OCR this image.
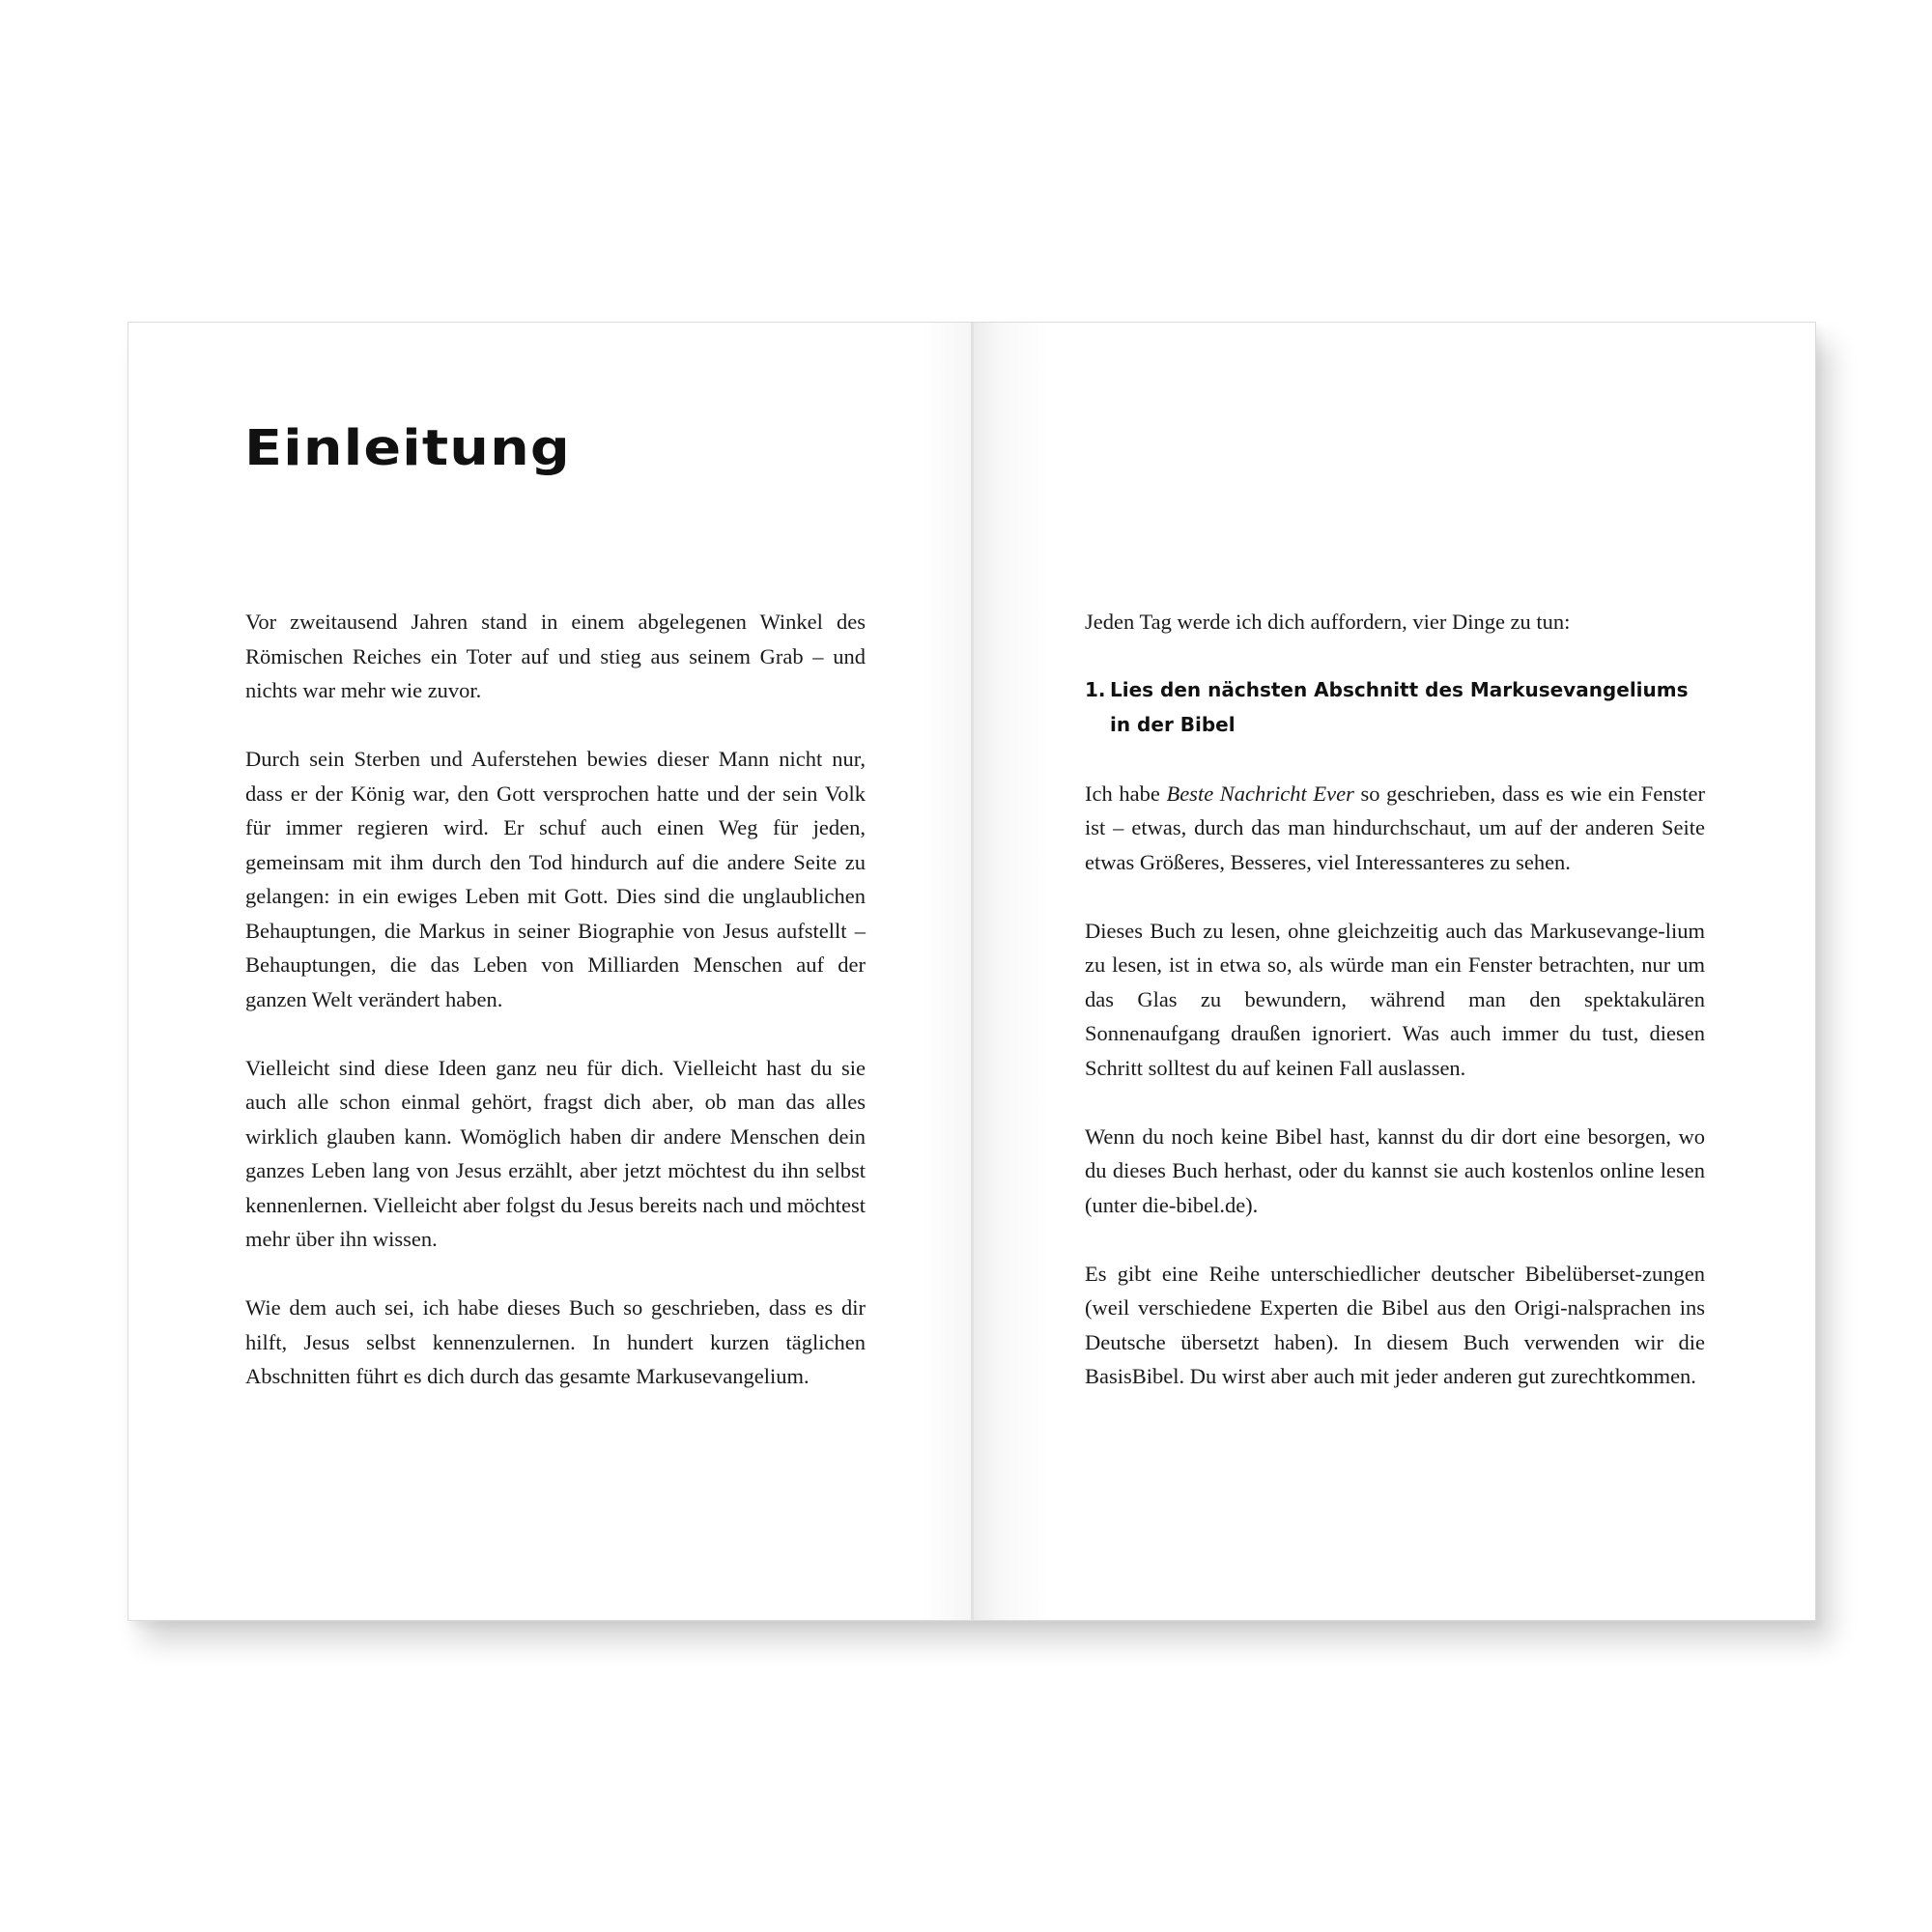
Einleitung

Vor zweitausend Jahren stand in einem abgelegenen Winkel des Römischen Reiches ein Toter auf und stieg aus seinem Grab – und nichts war mehr wie zuvor.

Durch sein Sterben und Auferstehen bewies dieser Mann nicht nur, dass er der König war, den Gott versprochen hatte und der sein Volk für immer regieren wird. Er schuf auch einen Weg für jeden, gemeinsam mit ihm durch den Tod hindurch auf die andere Seite zu gelangen: in ein ewiges Leben mit Gott. Dies sind die unglaublichen Behauptungen, die Markus in seiner Biographie von Jesus aufstellt – Behauptungen, die das Leben von Milliarden Menschen auf der ganzen Welt verändert haben.

Vielleicht sind diese Ideen ganz neu für dich. Vielleicht hast du sie auch alle schon einmal gehört, fragst dich aber, ob man das alles wirklich glauben kann. Womöglich haben dir andere Menschen dein ganzes Leben lang von Jesus erzählt, aber jetzt möchtest du ihn selbst kennenlernen. Vielleicht aber folgst du Jesus bereits nach und möchtest mehr über ihn wissen.

Wie dem auch sei, ich habe dieses Buch so geschrieben, dass es dir hilft, Jesus selbst kennenzulernen. In hundert kurzen täglichen Abschnitten führt es dich durch das gesamte Markusevangelium.

Jeden Tag werde ich dich auffordern, vier Dinge zu tun:

1. Lies den nächsten Abschnitt des Markusevangeliums in der Bibel

Ich habe Beste Nachricht Ever so geschrieben, dass es wie ein Fenster ist – etwas, durch das man hindurchschaut, um auf der anderen Seite etwas Größeres, Besseres, viel Interessanteres zu sehen.

Dieses Buch zu lesen, ohne gleichzeitig auch das Markusevange-lium zu lesen, ist in etwa so, als würde man ein Fenster betrachten, nur um das Glas zu bewundern, während man den spektakulären Sonnenaufgang draußen ignoriert. Was auch immer du tust, diesen Schritt solltest du auf keinen Fall auslassen.

Wenn du noch keine Bibel hast, kannst du dir dort eine besorgen, wo du dieses Buch herhast, oder du kannst sie auch kostenlos online lesen (unter die-bibel.de).

Es gibt eine Reihe unterschiedlicher deutscher Bibelüberset-zungen (weil verschiedene Experten die Bibel aus den Origi-nalsprachen ins Deutsche übersetzt haben). In diesem Buch verwenden wir die BasisBibel. Du wirst aber auch mit jeder anderen gut zurechtkommen.
